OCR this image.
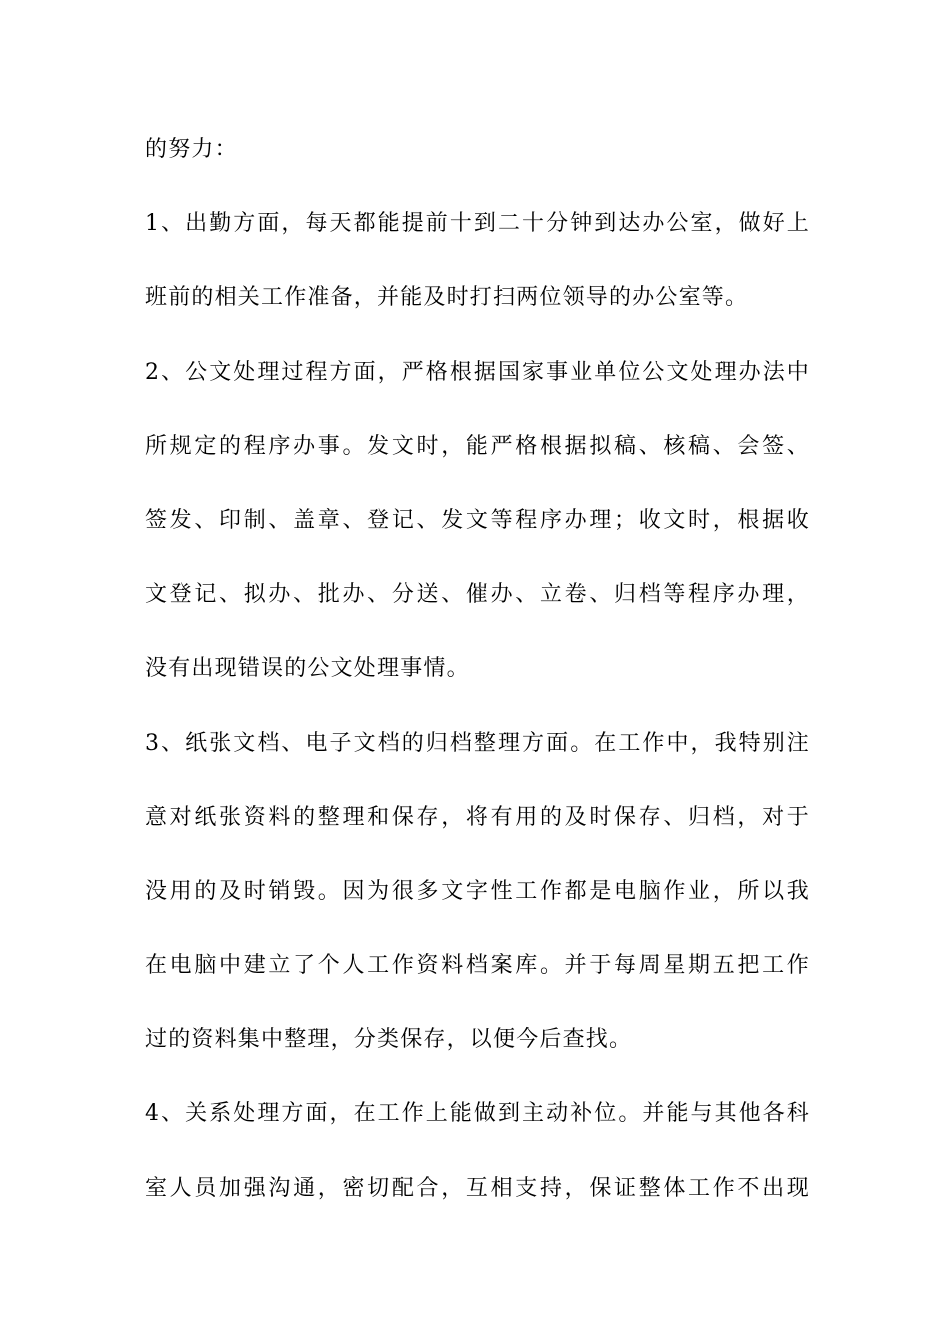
的努力：
1、出勤方面，每天都能提前十到二十分钟到达办公室，做好上
班前的相关工作准备，并能及时打扫两位领导的办公室等。
2、公文处理过程方面，严格根据国家事业单位公文处理办法中
所规定的程序办事。发文时，能严格根据拟稿、核稿、会签、
签发、印制、盖章、登记、发文等程序办理；收文时，根据收
文登记、拟办、批办、分送、催办、立卷、归档等程序办理，
没有出现错误的公文处理事情。
3、纸张文档、电子文档的归档整理方面。在工作中，我特别注
意对纸张资料的整理和保存，将有用的及时保存、归档，对于
没用的及时销毁。因为很多文字性工作都是电脑作业，所以我
在电脑中建立了个人工作资料档案库。并于每周星期五把工作
过的资料集中整理，分类保存，以便今后查找。
4、关系处理方面，在工作上能做到主动补位。并能与其他各科
室人员加强沟通，密切配合，互相支持，保证整体工作不出现
